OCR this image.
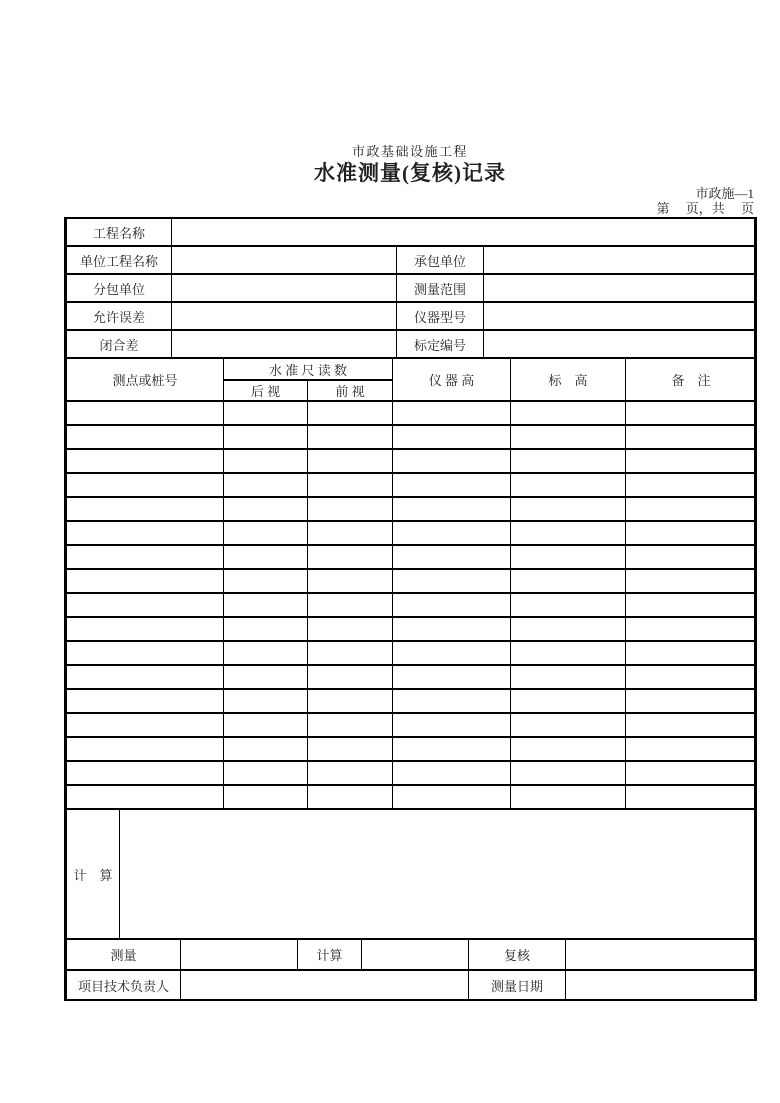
市政基础设施工程
水准测量(复核)记录
市政施—1
第　 页，共　 页
工程名称			
单位工程名称		承包单位	
分包单位		测量范围	
允许误差		仪器型号	
闭合差		标定编号	
测点或桩号	水 准 尺 读 数		仪 器 高	标　高	备　注
	后 视	前 视			

计　算	
测量		计算		复核	
项目技术负责人		测量日期	
